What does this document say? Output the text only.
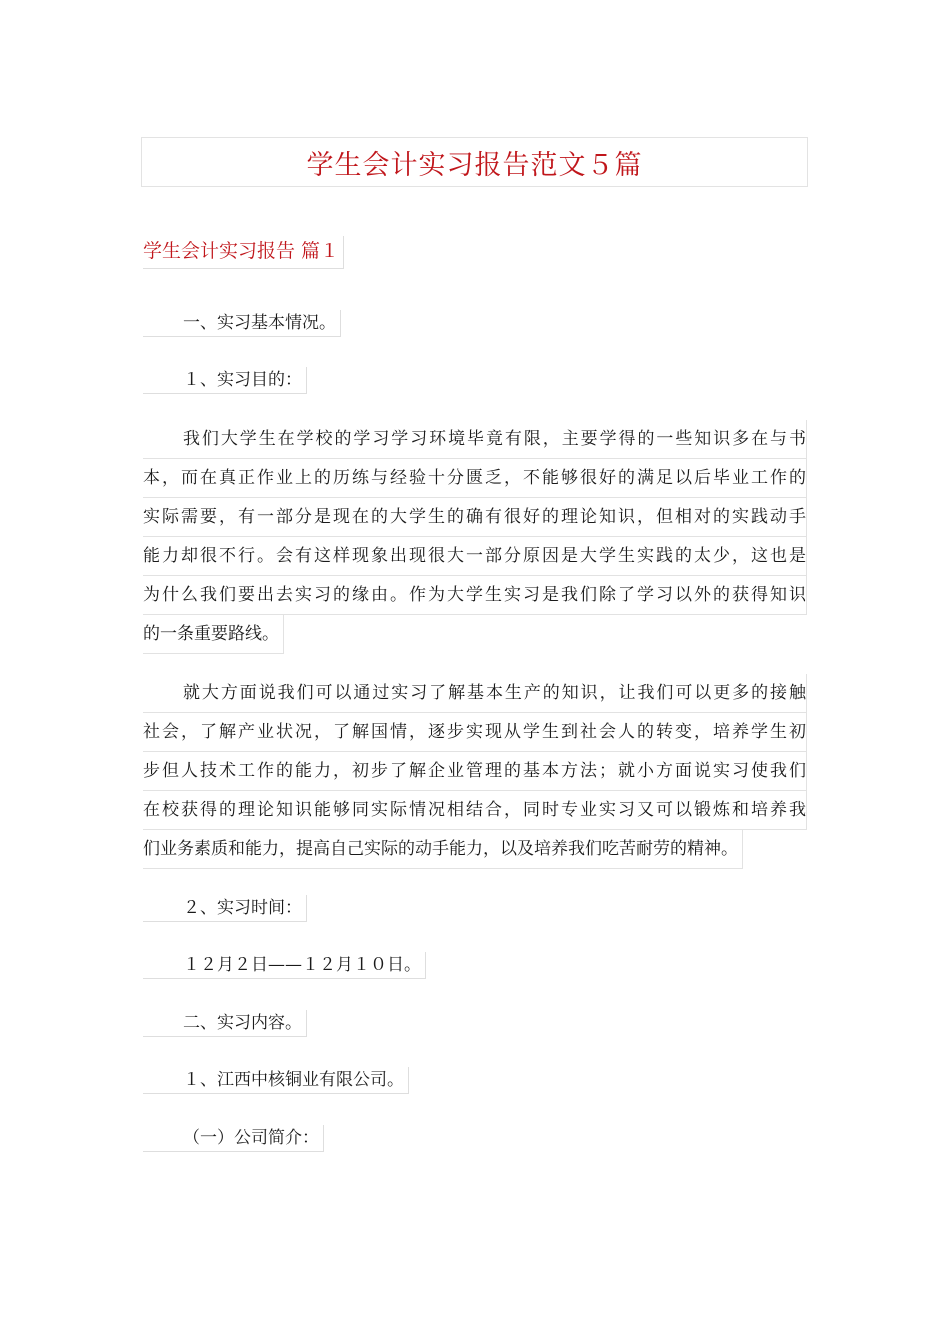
学生会计实习报告范文５篇
学生会计实习报告 篇１
一、实习基本情况。
１、实习目的：
我们大学生在学校的学习学习环境毕竟有限，主要学得的一些知识多在与书
本，而在真正作业上的历练与经验十分匮乏，不能够很好的满足以后毕业工作的
实际需要，有一部分是现在的大学生的确有很好的理论知识，但相对的实践动手
能力却很不行。会有这样现象出现很大一部分原因是大学生实践的太少，这也是
为什么我们要出去实习的缘由。作为大学生实习是我们除了学习以外的获得知识
的一条重要路线。
就大方面说我们可以通过实习了解基本生产的知识，让我们可以更多的接触
社会，了解产业状况，了解国情，逐步实现从学生到社会人的转变，培养学生初
步但人技术工作的能力，初步了解企业管理的基本方法；就小方面说实习使我们
在校获得的理论知识能够同实际情况相结合，同时专业实习又可以锻炼和培养我
们业务素质和能力，提高自己实际的动手能力，以及培养我们吃苦耐劳的精神。
２、实习时间：
１２月２日——１２月１０日。
二、实习内容。
１、江西中核铜业有限公司。
（一）公司简介：
